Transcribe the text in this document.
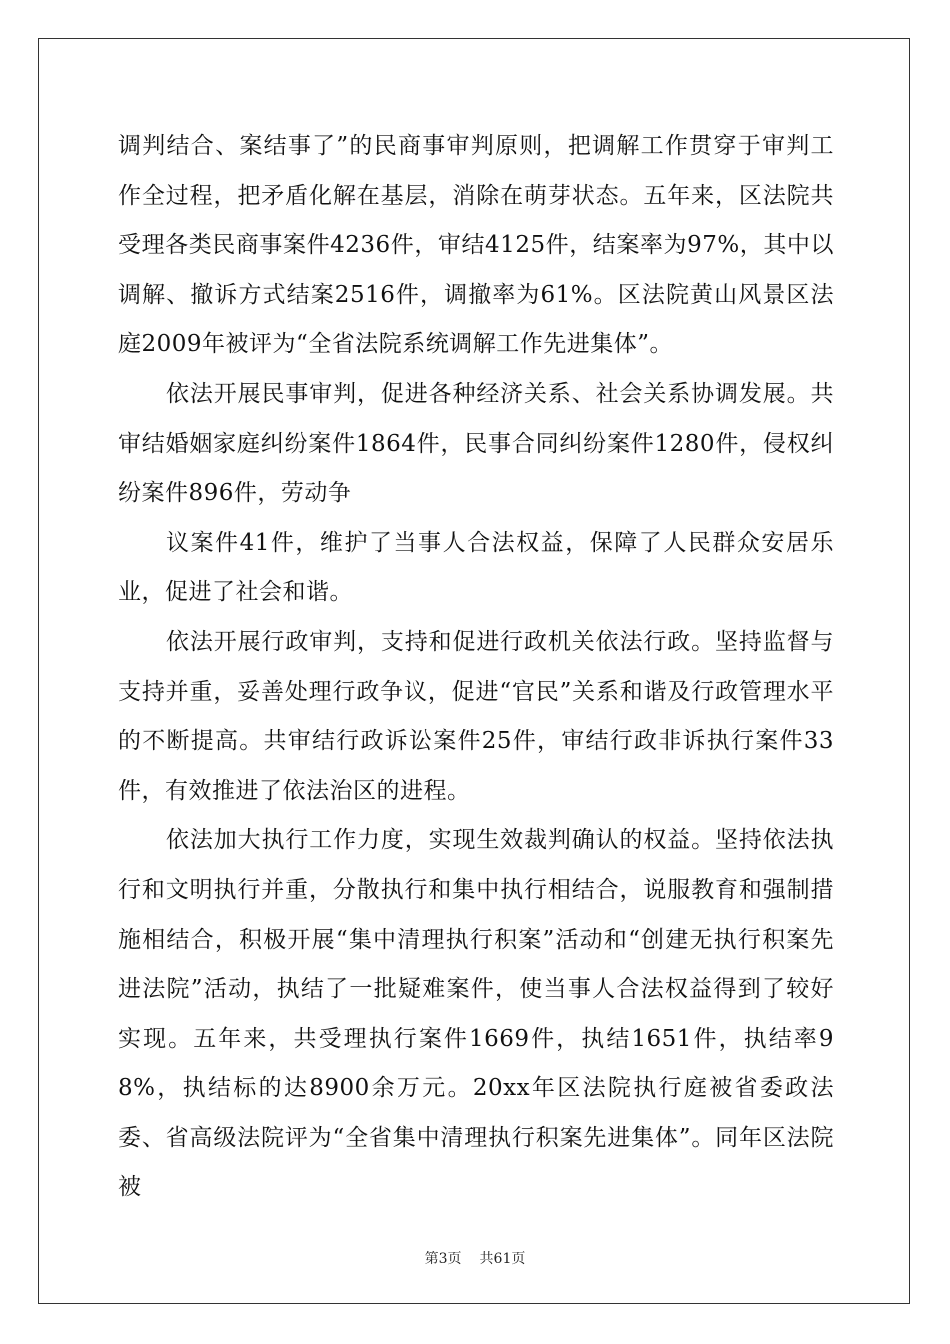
调判结合、案结事了”的民商事审判原则，把调解工作贯穿于审判工作全过程，把矛盾化解在基层，消除在萌芽状态。五年来，区法院共受理各类民商事案件4236件，审结4125件，结案率为97%，其中以调解、撤诉方式结案2516件，调撤率为61%。区法院黄山风景区法庭2009年被评为“全省法院系统调解工作先进集体”。

依法开展民事审判，促进各种经济关系、社会关系协调发展。共审结婚姻家庭纠纷案件1864件，民事合同纠纷案件1280件，侵权纠纷案件896件，劳动争

议案件41件，维护了当事人合法权益，保障了人民群众安居乐业，促进了社会和谐。

依法开展行政审判，支持和促进行政机关依法行政。坚持监督与支持并重，妥善处理行政争议，促进“官民”关系和谐及行政管理水平的不断提高。共审结行政诉讼案件25件，审结行政非诉执行案件33件，有效推进了依法治区的进程。

依法加大执行工作力度，实现生效裁判确认的权益。坚持依法执行和文明执行并重，分散执行和集中执行相结合，说服教育和强制措施相结合，积极开展“集中清理执行积案”活动和“创建无执行积案先进法院”活动，执结了一批疑难案件，使当事人合法权益得到了较好实现。五年来，共受理执行案件1669件，执结1651件，执结率98%，执结标的达8900余万元。20xx年区法院执行庭被省委政法委、省高级法院评为“全省集中清理执行积案先进集体”。同年区法院被

第3页 共61页
